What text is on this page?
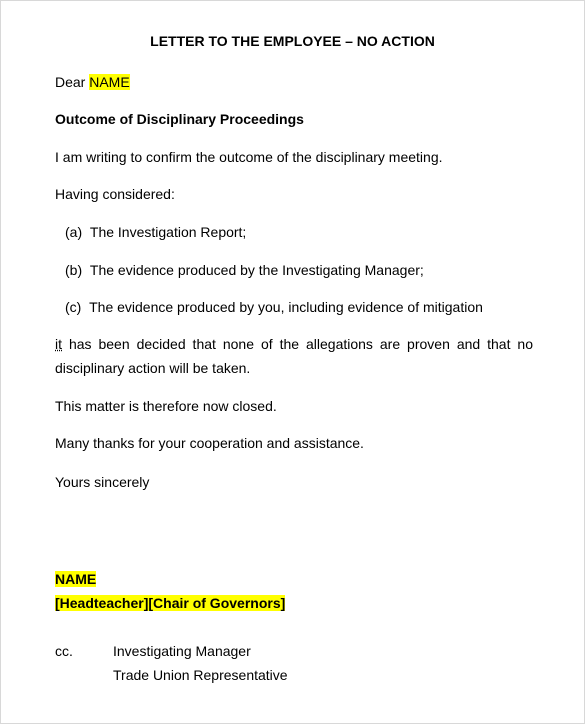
LETTER TO THE EMPLOYEE – NO ACTION
Dear NAME
Outcome of Disciplinary Proceedings
I am writing to confirm the outcome of the disciplinary meeting.
Having considered:
(a) The Investigation Report;
(b) The evidence produced by the Investigating Manager;
(c) The evidence produced by you, including evidence of mitigation
it has been decided that none of the allegations are proven and that no disciplinary action will be taken.
This matter is therefore now closed.
Many thanks for your cooperation and assistance.
Yours sincerely
NAME
[Headteacher][Chair of Governors]
cc.	Investigating Manager
Trade Union Representative
